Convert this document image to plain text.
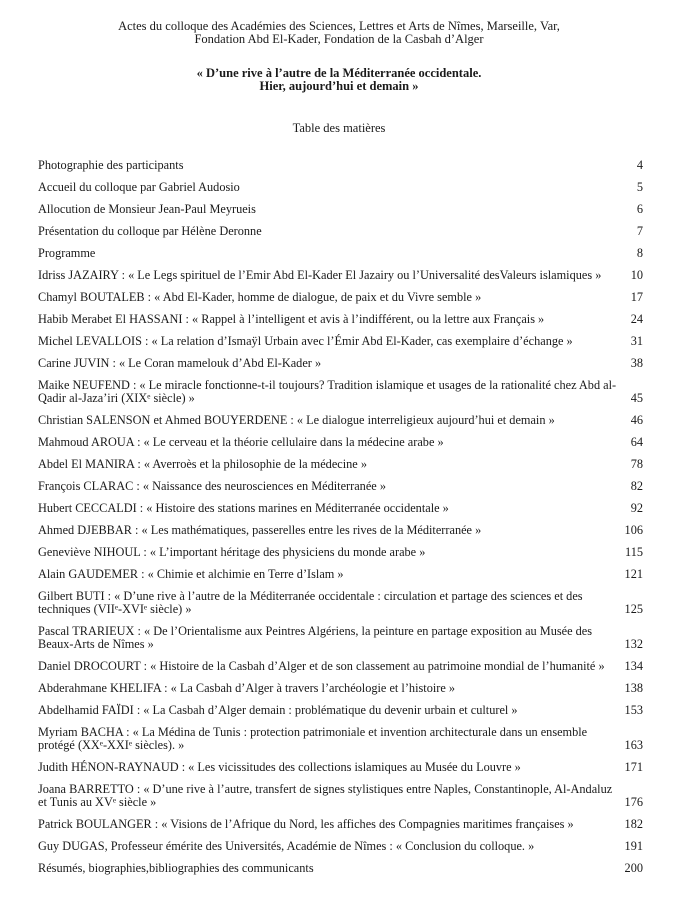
Actes du colloque des Académies des Sciences, Lettres et Arts de Nîmes, Marseille, Var,
Fondation Abd El-Kader, Fondation de la Casbah d’Alger
« D’une rive à l’autre de la Méditerranée occidentale.
Hier, aujourd’hui et demain »
Table des matières
Photographie des participants	4
Accueil du colloque par Gabriel Audosio	5
Allocution de Monsieur Jean-Paul Meyrueis	6
Présentation du colloque par Hélène Deronne	7
Programme	8
Idriss JAZAIRY : « Le Legs spirituel de l’Emir Abd El-Kader El Jazairy ou l’Universalité desValeurs islamiques »	10
Chamyl BOUTALEB : « Abd El-Kader, homme de dialogue, de paix et du Vivre semble »	17
Habib Merabet El HASSANI : « Rappel à l’intelligent et avis à l’indifférent, ou la lettre aux Français »	24
Michel LEVALLOIS : « La relation d’Ismaÿl Urbain avec l’Émir Abd El-Kader, cas exemplaire d’échange »	31
Carine JUVIN : « Le Coran mamelouk d’Abd El-Kader »	38
Maike NEUFEND : « Le miracle fonctionne-t-il toujours? Tradition islamique et usages de la rationalité chez Abd al-Qadir al-Jaza’iri (XIXᵉ siècle) »	45
Christian SALENSON et Ahmed BOUYERDENE : « Le dialogue interreligieux aujourd’hui et demain »	46
Mahmoud AROUA : « Le cerveau et la théorie cellulaire dans la médecine arabe »	64
Abdel El MANIRA : « Averroès et la philosophie de la médecine »	78
François CLARAC : « Naissance des neurosciences en Méditerranée »	82
Hubert CECCALDI : « Histoire des stations marines en Méditerranée occidentale »	92
Ahmed DJEBBAR : « Les mathématiques, passerelles entre les rives de la Méditerranée »	106
Geneviève NIHOUL : « L’important héritage des physiciens du monde arabe »	115
Alain GAUDEMER : « Chimie et alchimie en Terre d’Islam »	121
Gilbert BUTI : « D’une rive à l’autre de la Méditerranée occidentale : circulation et partage des sciences et des techniques (VIIᵉ-XVIᵉ siècle) »	125
Pascal TRARIEUX : « De l’Orientalisme aux Peintres Algériens, la peinture en partage exposition au Musée des Beaux-Arts de Nîmes »	132
Daniel DROCOURT : « Histoire de la Casbah d’Alger et de son classement au patrimoine mondial de l’humanité »	134
Abderahmane KHELIFA : « La Casbah d’Alger à travers l’archéologie et l’histoire »	138
Abdelhamid FAÏDI : « La Casbah d’Alger demain : problématique du devenir urbain et culturel »	153
Myriam BACHA : « La Médina de Tunis : protection patrimoniale et invention architecturale dans un ensemble protégé (XXᵉ-XXIᵉ siècles). »	163
Judith HÉNON-RAYNAUD : « Les vicissitudes des collections islamiques au Musée du Louvre »	171
Joana BARRETTO : « D’une rive à l’autre, transfert de signes stylistiques entre Naples, Constantinople, Al-Andaluz et Tunis au XVᵉ siècle »	176
Patrick BOULANGER : « Visions de l’Afrique du Nord, les affiches des Compagnies maritimes françaises »	182
Guy DUGAS, Professeur émérite des Universités, Académie de Nîmes : « Conclusion du colloque. »	191
Résumés, biographies,bibliographies des communicants	200
